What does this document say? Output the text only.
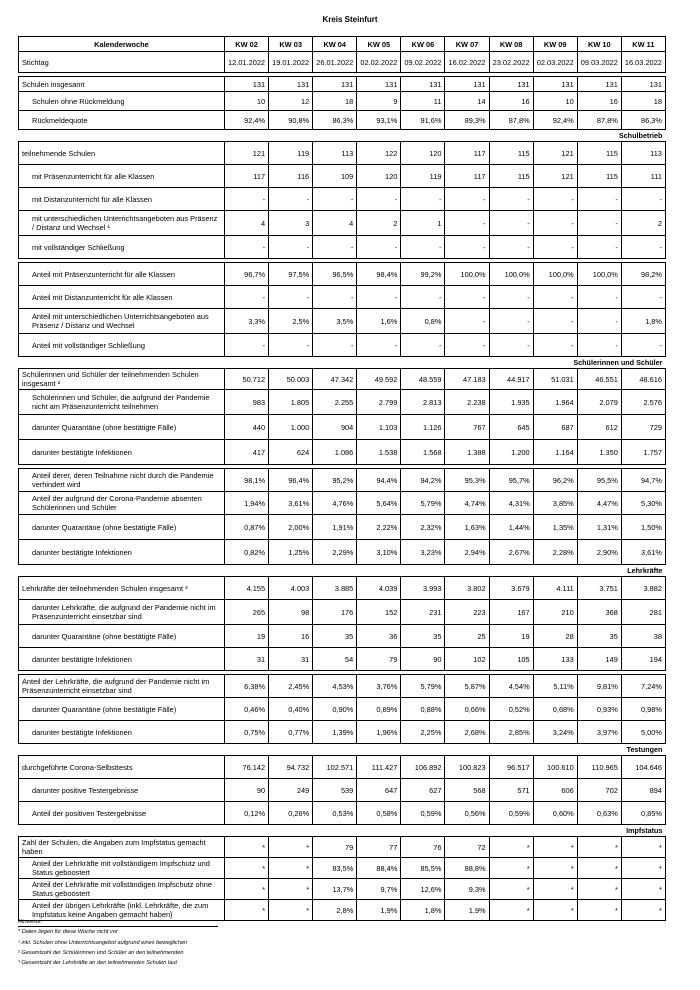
Kreis Steinfurt
Kalenderwoche	KW 02	KW 03	KW 04	KW 05	KW 06	KW 07	KW 08	KW 09	KW 10	KW 11
Stichtag	12.01.2022	19.01.2022	26.01.2022	02.02.2022	09.02.2022	16.02.2022	23.02.2022	02.03.2022	09.03.2022	16.03.2022

Schulen insgesamt	131	131	131	131	131	131	131	131	131	131
Schulen ohne Rückmeldung	10	12	18	9	11	14	16	10	16	18
Rückmeldequote	92,4%	90,8%	86,3%	93,1%	91,6%	89,3%	87,8%	92,4%	87,8%	86,3%
Schulbetrieb										
teilnehmende Schulen	121	119	113	122	120	117	115	121	115	113
mit Präsenzunterricht für alle Klassen	117	116	109	120	119	117	115	121	115	111
mit Distanzunterricht für alle Klassen	-	-	-	-	-	-	-	-	-	-
mit unterschiedlichen Unterrichtsangeboten aus Präsenz / Distanz und Wechsel ¹	4	3	4	2	1	-	-	-	-	2
mit vollständiger Schließung	-	-	-	-	-	-	-	-	-	-

Anteil mit Präsenzunterricht für alle Klassen	96,7%	97,5%	96,5%	98,4%	99,2%	100,0%	100,0%	100,0%	100,0%	98,2%
Anteil mit Distanzunterricht für alle Klassen	-	-	-	-	-	-	-	-	-	-
Anteil mit unterschiedlichen Unterrichtsangeboten aus Präsenz / Distanz und Wechsel	3,3%	2,5%	3,5%	1,6%	0,8%	-	-	-	-	1,8%
Anteil mit vollständiger Schließung	-	-	-	-	-	-	-	-	-	-
Schülerinnen und Schüler										
Schülerinnen und Schüler der teilnehmenden Schulen insgesamt ²	50.712	50.003	47.342	49.592	48.559	47.183	44.917	51.031	46.551	48.616
Schülerinnen und Schüler, die aufgrund der Pandemie nicht am Präsenzunterricht teilnehmen	983	1.805	2.255	2.799	2.813	2.238	1.935	1.964	2.079	2.576
darunter Quarantäne (ohne bestätigte Fälle)	440	1.000	904	1.103	1.126	767	645	687	612	729
darunter bestätigte Infektionen	417	624	1.086	1.538	1.568	1.388	1.200	1.164	1.350	1.757

Anteil derer, deren Teilnahme nicht durch die Pandemie verhindert wird	98,1%	96,4%	95,2%	94,4%	94,2%	95,3%	95,7%	96,2%	95,5%	94,7%
Anteil der aufgrund der Corona-Pandemie absenten Schülerinnen und Schüler	1,94%	3,61%	4,76%	5,64%	5,79%	4,74%	4,31%	3,85%	4,47%	5,30%
darunter Quarantäne (ohne bestätigte Fälle)	0,87%	2,00%	1,91%	2,22%	2,32%	1,63%	1,44%	1,35%	1,31%	1,50%
darunter bestätigte Infektionen	0,82%	1,25%	2,29%	3,10%	3,23%	2,94%	2,67%	2,28%	2,90%	3,61%
Lehrkräfte										
Lehrkräfte der teilnehmenden Schulen insgesamt ³	4.155	4.003	3.885	4.039	3.993	3.802	3.679	4.111	3.751	3.882
darunter Lehrkräfte, die aufgrund der Pandemie nicht im Präsenzunterricht einsetzbar sind	265	98	176	152	231	223	167	210	368	281
darunter Quarantäne (ohne bestätigte Fälle)	19	16	35	36	35	25	19	28	35	38
darunter bestätigte Infektionen	31	31	54	79	90	102	105	133	149	194

Anteil der Lehrkräfte, die aufgrund der Pandemie nicht im Präsenzunterricht einsetzbar sind	6,38%	2,45%	4,53%	3,76%	5,79%	5,87%	4,54%	5,11%	9,81%	7,24%
darunter Quarantäne (ohne bestätigte Fälle)	0,46%	0,40%	0,90%	0,89%	0,88%	0,66%	0,52%	0,68%	0,93%	0,98%
darunter bestätigte Infektionen	0,75%	0,77%	1,39%	1,96%	2,25%	2,68%	2,85%	3,24%	3,97%	5,00%
Testungen										
durchgeführte Corona-Selbsttests	76.142	94.732	102.571	111.427	106.892	100.823	96.517	100.610	110.965	104.646
darunter positive Testergebnisse	90	249	539	647	627	568	571	606	702	894
Anteil der positiven Testergebnisse	0,12%	0,26%	0,53%	0,58%	0,59%	0,56%	0,59%	0,60%	0,63%	0,85%
Impfstatus										
Zahl der Schulen, die Angaben zum Impfstatus gemacht haben	*	*	79	77	76	72	*	*	*	*
Anteil der Lehrkräfte mit vollständigem Impfschutz und Status geboostert	*	*	83,5%	88,4%	85,5%	88,8%	*	*	*	*
Anteil der Lehrkräfte mit vollständigen Impfschutz ohne Status geboostert	*	*	13,7%	9,7%	12,6%	9,3%	*	*	*	*
Anteil der übrigen Lehrkräfte (inkl. Lehrkräfte, die zum Impfstatus keine Angaben gemacht haben)	*	*	2,8%	1,9%	1,8%	1,9%	*	*	*	*
Hinweise:
* Daten liegen für diese Woche nicht vor
¹ inkl. Schulen ohne Unterrichtsangebot aufgrund eines beweglichen
² Gesamtzahl der Schülerinnen und Schüler an den teilnehmenden
³ Gesamtzahl der Lehrkräfte an den teilnehmenden Schulen laut
